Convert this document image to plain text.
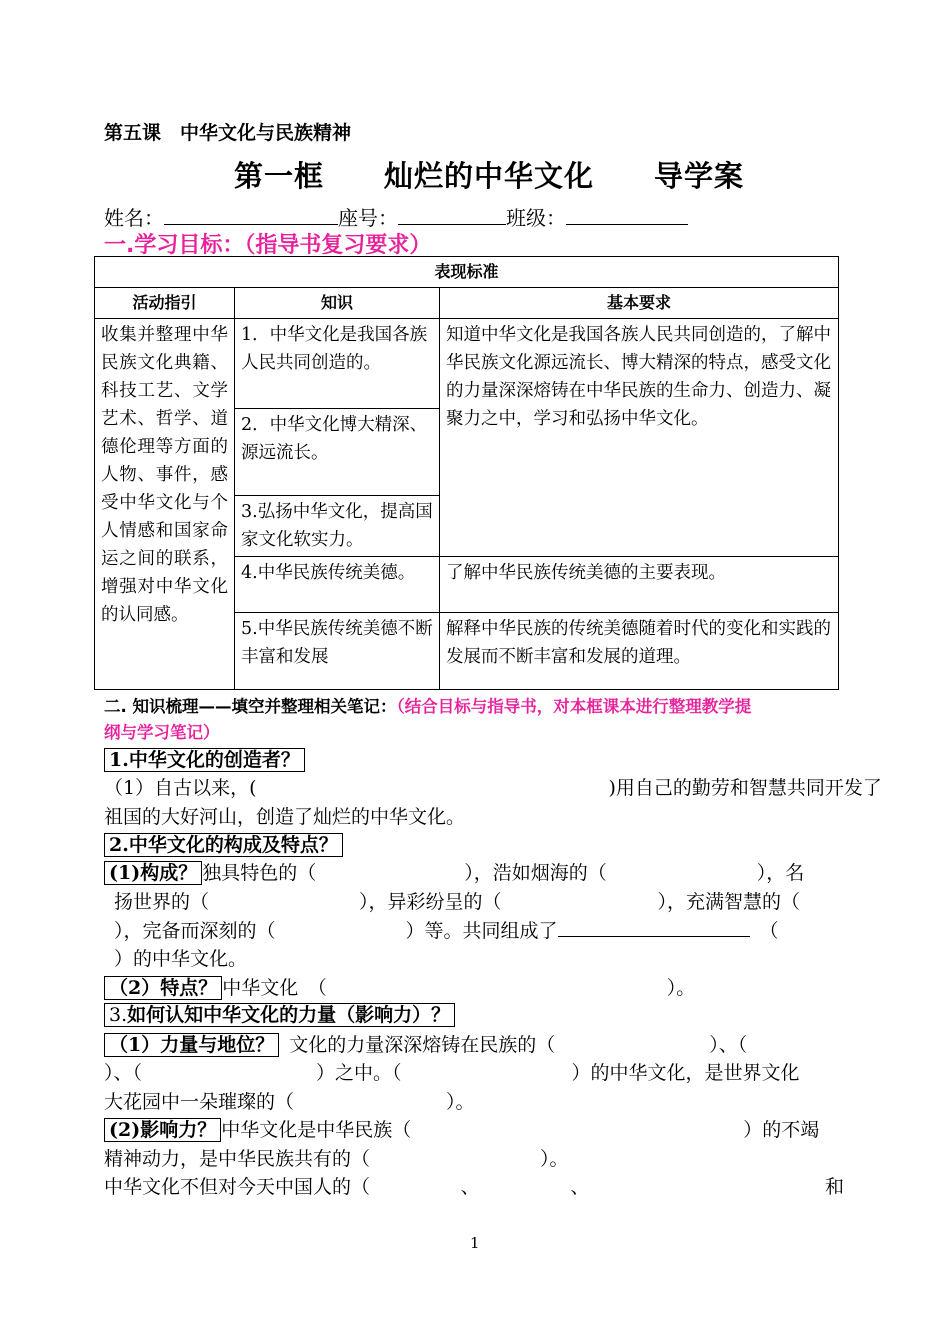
第五课　中华文化与民族精神
第一框　　灿烂的中华文化　　导学案
姓名：	座号：	班级：
一.学习目标：（指导书复习要求）
表现标准		
活动指引	知识	基本要求
收集并整理中华民族文化典籍、科技工艺、文学艺术、哲学、道德伦理等方面的人物、事件，感受中华文化与个人情感和国家命运之间的联系，增强对中华文化的认同感。	1．中华文化是我国各族人民共同创造的。	知道中华文化是我国各族人民共同创造的，了解中华民族文化源远流长、博大精深的特点，感受文化的力量深深熔铸在中华民族的生命力、创造力、凝聚力之中，学习和弘扬中华文化。
	2．中华文化博大精深、源远流长。	
	3.弘扬中华文化，提高国家文化软实力。	
	4.中华民族传统美德。	了解中华民族传统美德的主要表现。
	5.中华民族传统美德不断丰富和发展	解释中华民族的传统美德随着时代的变化和实践的发展而不断丰富和发展的道理。
二. 知识梳理——填空并整理相关笔记：（结合目标与指导书，对本框课本进行整理教学提
纲与学习笔记）
1.中华文化的创造者？
（1）自古以来，(	)用自己的勤劳和智慧共同开发了
祖国的大好河山，创造了灿烂的中华文化。
2.中华文化的构成及特点？
(1)构成？ 独具特色的（	），浩如烟海的（	），名
扬世界的（	），异彩纷呈的（	），充满智慧的（
），完备而深刻的（	）等。共同组成了	（
）的中华文化。
（2）特点？ 中华文化　（	）。
3.如何认知中华文化的力量（影响力）？
（1）力量与地位？ 文化的力量深深熔铸在民族的（	）、（
）、（	）之中。（	）的中华文化，是世界文化
大花园中一朵璀璨的（	）。
(2)影响力？ 中华文化是中华民族（	）的不竭
精神动力，是中华民族共有的（	）。
中华文化不但对今天中国人的（	、	、	和
1
